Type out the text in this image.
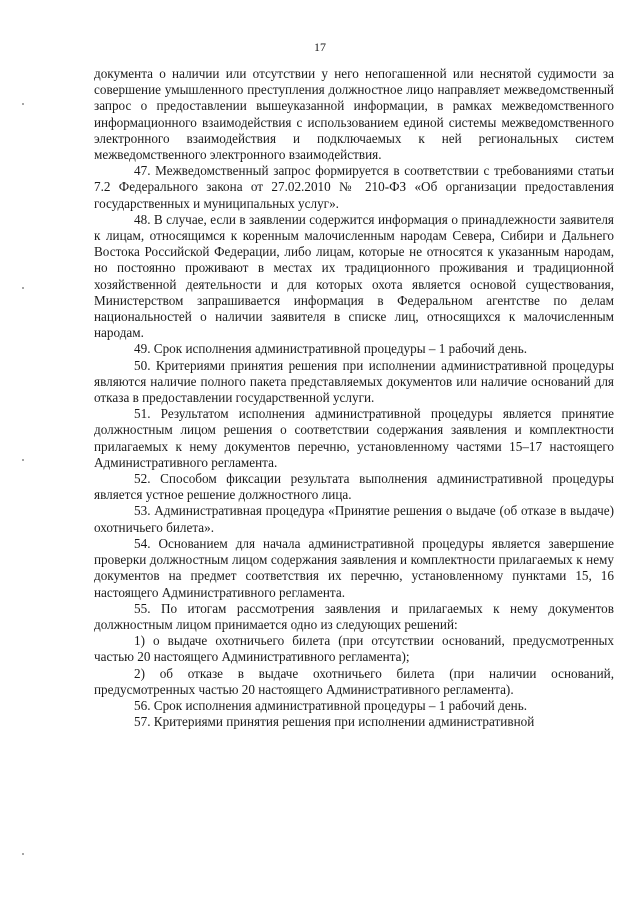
17

документа о наличии или отсутствии у него непогашенной или неснятой судимости за совершение умышленного преступления должностное лицо направляет межведомственный запрос о предоставлении вышеуказанной информации, в рамках межведомственного информационного взаимодействия с использованием единой системы межведомственного электронного взаимодействия и подключаемых к ней региональных систем межведомственного электронного взаимодействия.

47. Межведомственный запрос формируется в соответствии с требованиями статьи 7.2 Федерального закона от 27.02.2010 № 210-ФЗ «Об организации предоставления государственных и муниципальных услуг».

48. В случае, если в заявлении содержится информация о принадлежности заявителя к лицам, относящимся к коренным малочисленным народам Севера, Сибири и Дальнего Востока Российской Федерации, либо лицам, которые не относятся к указанным народам, но постоянно проживают в местах их традиционного проживания и традиционной хозяйственной деятельности и для которых охота является основой существования, Министерством запрашивается информация в Федеральном агентстве по делам национальностей о наличии заявителя в списке лиц, относящихся к малочисленным народам.

49. Срок исполнения административной процедуры – 1 рабочий день.

50. Критериями принятия решения при исполнении административной процедуры являются наличие полного пакета представляемых документов или наличие оснований для отказа в предоставлении государственной услуги.

51. Результатом исполнения административной процедуры является принятие должностным лицом решения о соответствии содержания заявления и комплектности прилагаемых к нему документов перечню, установленному частями 15–17 настоящего Административного регламента.

52. Способом фиксации результата выполнения административной процедуры является устное решение должностного лица.

53. Административная процедура «Принятие решения о выдаче (об отказе в выдаче) охотничьего билета».

54. Основанием для начала административной процедуры является завершение проверки должностным лицом содержания заявления и комплектности прилагаемых к нему документов на предмет соответствия их перечню, установленному пунктами 15, 16 настоящего Административного регламента.

55. По итогам рассмотрения заявления и прилагаемых к нему документов должностным лицом принимается одно из следующих решений:

1) о выдаче охотничьего билета (при отсутствии оснований, предусмотренных частью 20 настоящего Административного регламента);

2) об отказе в выдаче охотничьего билета (при наличии оснований, предусмотренных частью 20 настоящего Административного регламента).

56. Срок исполнения административной процедуры – 1 рабочий день.

57. Критериями принятия решения при исполнении административной
